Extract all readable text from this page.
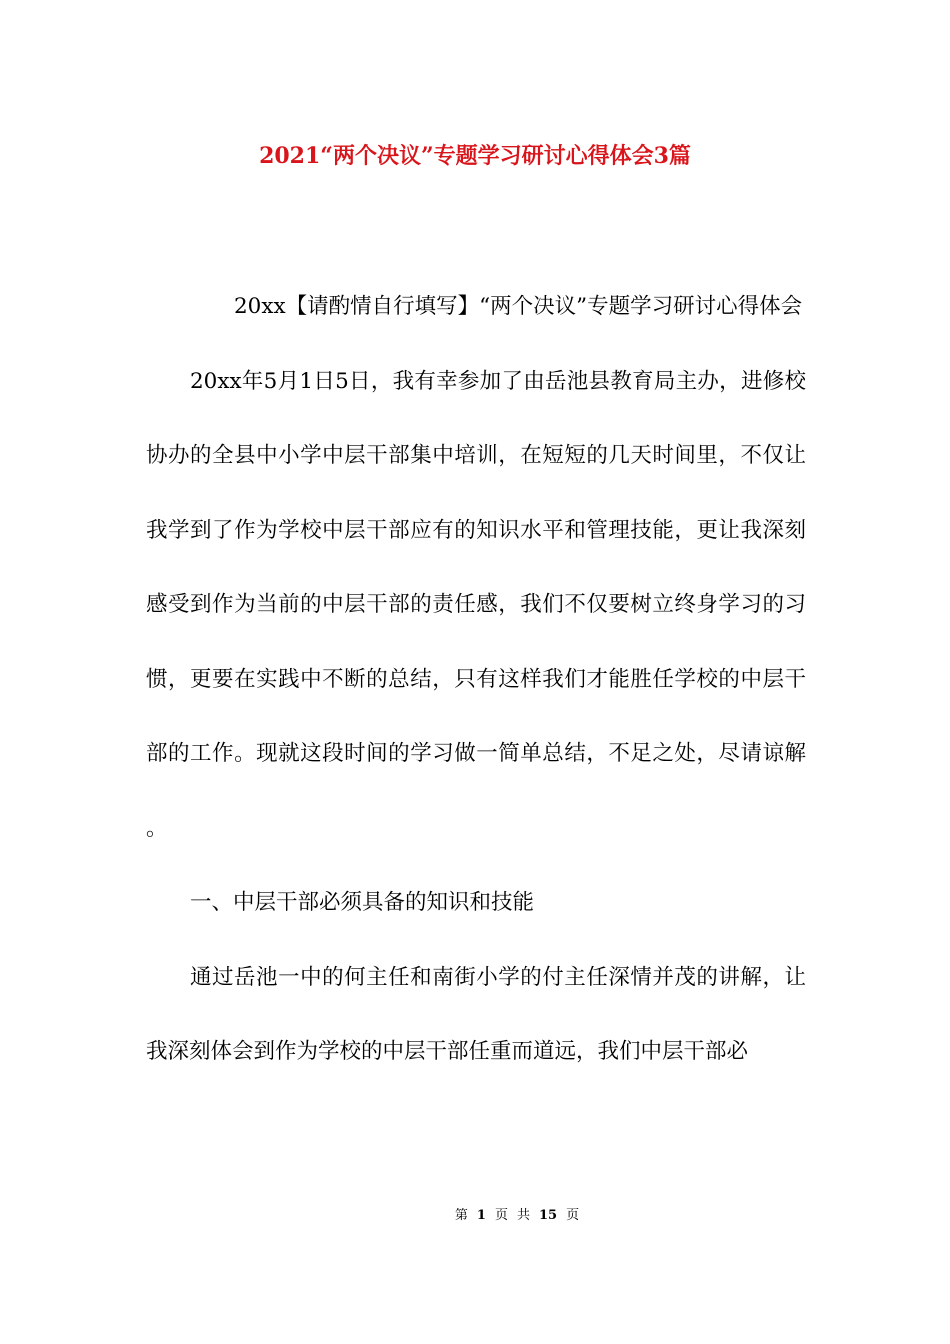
2021“两个决议”专题学习研讨心得体会3篇

20xx【请酌情自行填写】“两个决议”专题学习研讨心得体会

20xx年5月1日5日，我有幸参加了由岳池县教育局主办，进修校协办的全县中小学中层干部集中培训，在短短的几天时间里，不仅让我学到了作为学校中层干部应有的知识水平和管理技能，更让我深刻感受到作为当前的中层干部的责任感，我们不仅要树立终身学习的习惯，更要在实践中不断的总结，只有这样我们才能胜任学校的中层干部的工作。现就这段时间的学习做一简单总结，不足之处，尽请谅解。

一、中层干部必须具备的知识和技能

通过岳池一中的何主任和南街小学的付主任深情并茂的讲解，让我深刻体会到作为学校的中层干部任重而道远，我们中层干部必

第 1 页 共 15 页
